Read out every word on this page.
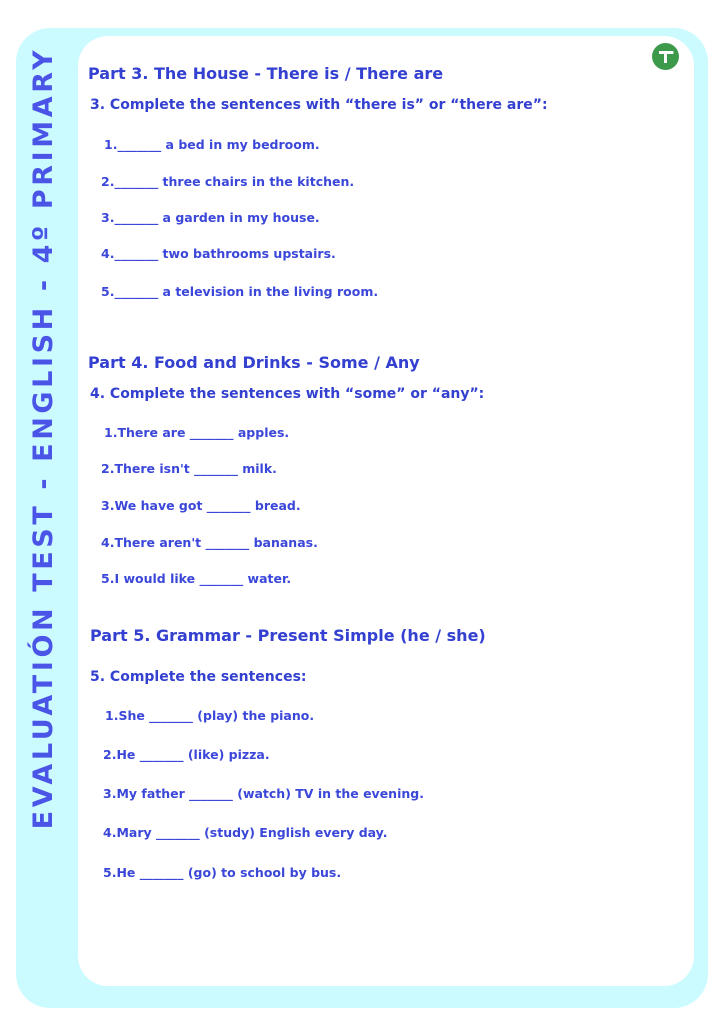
EVALUATIÓN TEST - ENGLISH - 4º PRIMARY	Part 3. The House - There is / There are
3. Complete the sentences with “there is” or “there are”:
1._______ a bed in my bedroom.
2._______ three chairs in the kitchen.
3._______ a garden in my house.
4._______ two bathrooms upstairs.
5._______ a television in the living room.
Part 4. Food and Drinks - Some / Any
4. Complete the sentences with “some” or “any”:
1.There are _______ apples.
2.There isn't _______ milk.
3.We have got _______ bread.
4.There aren't _______ bananas.
5.I would like _______ water.
Part 5. Grammar - Present Simple (he / she)
5. Complete the sentences:
1.She _______ (play) the piano.
2.He _______ (like) pizza.
3.My father _______ (watch) TV in the evening.
4.Mary _______ (study) English every day.
5.He _______ (go) to school by bus.
